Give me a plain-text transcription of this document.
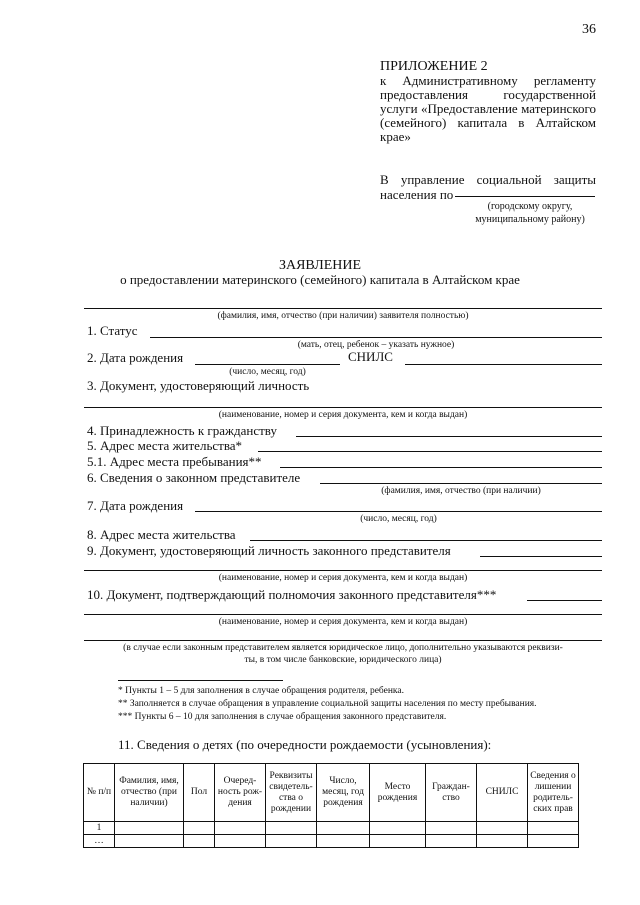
36
ПРИЛОЖЕНИЕ 2
к Административному регламенту предоставления государственной услуги «Предоставление материнского (семейного) капитала в Алтайском крае»
В управление социальной защиты населения по
(городскому округу,
муниципальному району)
ЗАЯВЛЕНИЕ
о предоставлении материнского (семейного) капитала в Алтайском крае
(фамилия, имя, отчество (при наличии) заявителя полностью)
1. Статус
(мать, отец, ребенок – указать нужное)
2. Дата рождения	СНИЛС
(число, месяц, год)
3. Документ, удостоверяющий личность
(наименование, номер и серия документа, кем и когда выдан)
4. Принадлежность к гражданству
5. Адрес места жительства*
5.1. Адрес места пребывания**
6. Сведения о законном представителе
(фамилия, имя, отчество (при наличии)
7. Дата рождения
(число, месяц, год)
8. Адрес места жительства
9. Документ, удостоверяющий личность законного представителя
(наименование, номер и серия документа, кем и когда выдан)
10. Документ, подтверждающий полномочия законного представителя***
(наименование, номер и серия документа, кем и когда выдан)
(в случае если законным представителем является юридическое лицо, дополнительно указываются реквизи-
ты, в том числе банковские, юридического лица)
* Пункты 1 – 5 для заполнения в случае обращения родителя, ребенка.
** Заполняется в случае обращения в управление социальной защиты населения по месту пребывания.
*** Пункты 6 – 10 для заполнения в случае обращения законного представителя.
11. Сведения о детях (по очередности рождаемости (усыновления):
№ п/п	Фамилия, имя, отчество (при наличии)	Пол	Очеред-ность рож-дения	Реквизиты свидетель-ства о рождении	Число, месяц, год рождения	Место рождения	Граждан-ство	СНИЛС	Сведения о лишении родитель-ских прав
1									
…									
